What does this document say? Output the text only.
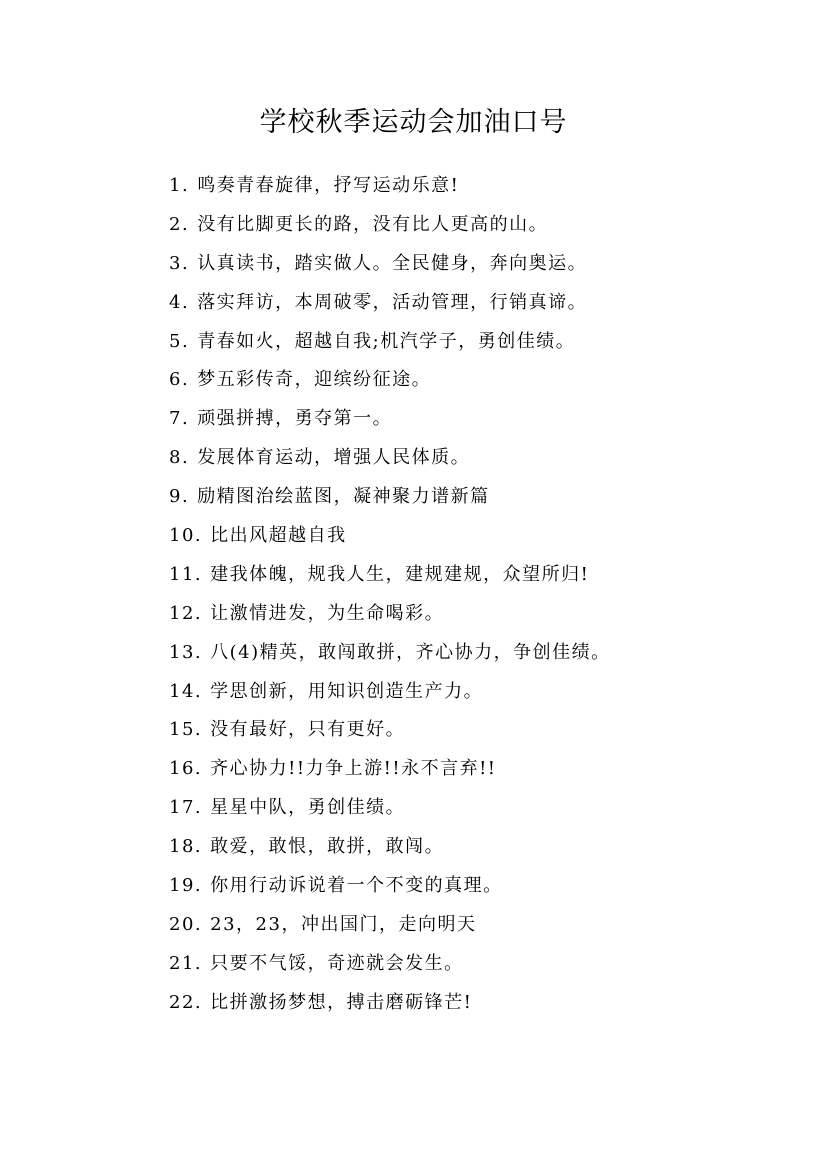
学校秋季运动会加油口号
1. 鸣奏青春旋律，抒写运动乐意!
2. 没有比脚更长的路，没有比人更高的山。
3. 认真读书，踏实做人。全民健身，奔向奥运。
4. 落实拜访，本周破零，活动管理，行销真谛。
5. 青春如火，超越自我;机汽学子，勇创佳绩。
6. 梦五彩传奇，迎缤纷征途。
7. 顽强拼搏，勇夺第一。
8. 发展体育运动，增强人民体质。
9. 励精图治绘蓝图，凝神聚力谱新篇
10. 比出风超越自我
11. 建我体魄，规我人生，建规建规，众望所归!
12. 让激情进发，为生命喝彩。
13. 八(4)精英，敢闯敢拼，齐心协力，争创佳绩。
14. 学思创新，用知识创造生产力。
15. 没有最好，只有更好。
16. 齐心协力!!力争上游!!永不言弃!!
17. 星星中队，勇创佳绩。
18. 敢爱，敢恨，敢拼，敢闯。
19. 你用行动诉说着一个不变的真理。
20. 23，23，冲出国门，走向明天
21. 只要不气馁，奇迹就会发生。
22. 比拼激扬梦想，搏击磨砺锋芒!
